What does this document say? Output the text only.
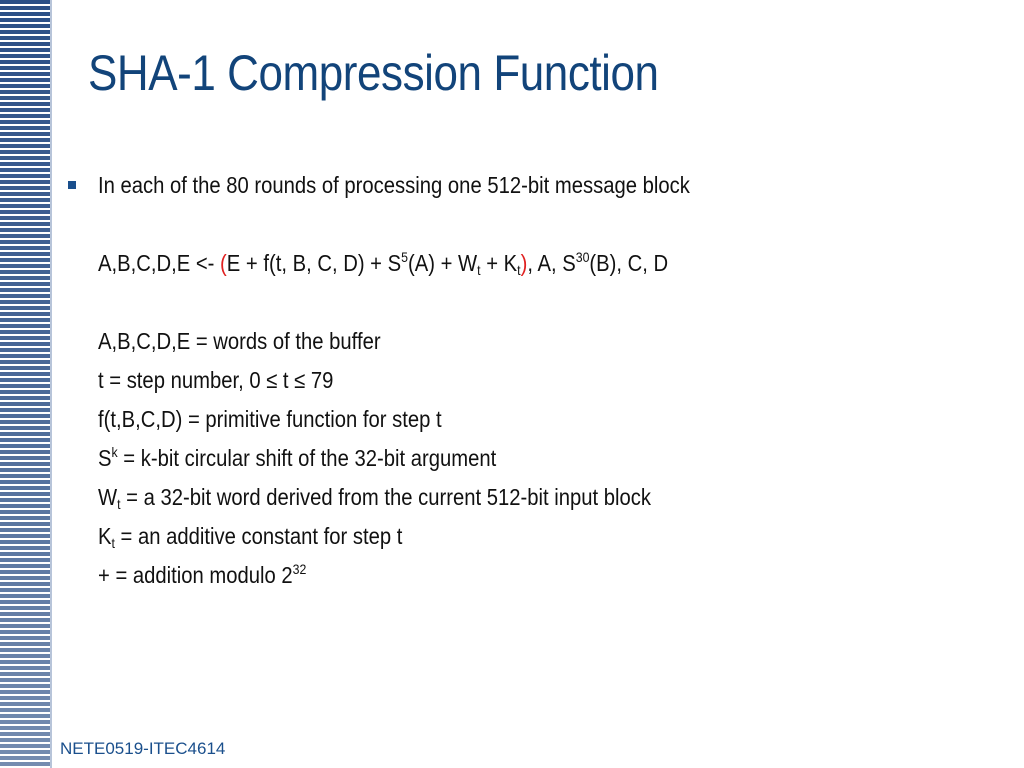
SHA-1 Compression Function
In each of the 80 rounds of processing one 512-bit message block
A,B,C,D,E <- (E + f(t, B, C, $D) + S^5(A) + W_t + K_t$), A, $S^{30}(B)$, C, D
A,B,C,D,E = words of the buffer
t = step number, 0 ≤ t ≤ 79
f(t,B,C,D) = primitive function for step t
$S^k = k-bit$ circular shift of the 32-bit argument
$W_t = a$ 32-bit word derived from the current 512-bit input block
$K_t$ = an additive constant for step t
+ = addition modulo $2^{32}$
NETE0519-ITEC4614
